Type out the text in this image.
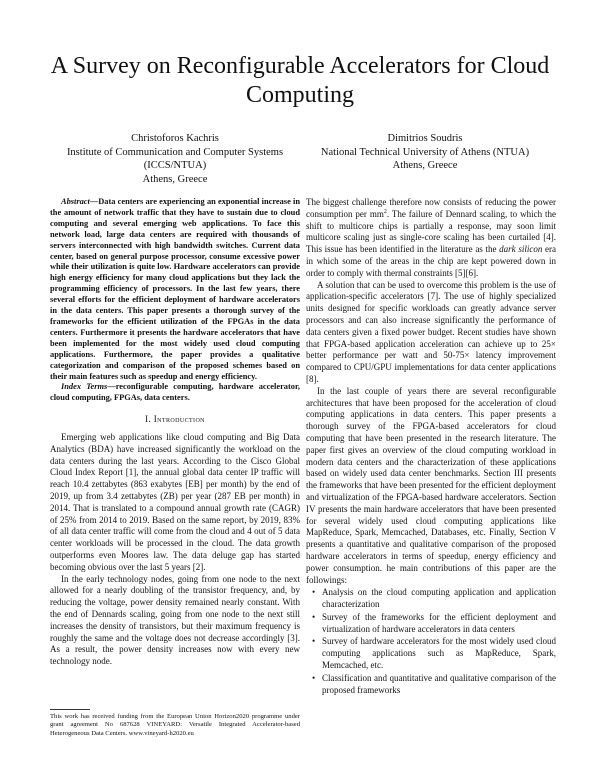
A Survey on Reconfigurable Accelerators for Cloud Computing
Christoforos Kachris
Institute of Communication and Computer Systems (ICCS/NTUA)
Athens, Greece
Dimitrios Soudris
National Technical University of Athens (NTUA)
Athens, Greece

Abstract—Data centers are experiencing an exponential increase in the amount of network traffic that they have to sustain due to cloud computing and several emerging web applications. To face this network load, large data centers are required with thousands of servers interconnected with high bandwidth switches. Current data center, based on general purpose processor, consume excessive power while their utilization is quite low. Hardware accelerators can provide high energy efficiency for many cloud applications but they lack the programming efficiency of processors. In the last few years, there several efforts for the efficient deployment of hardware accelerators in the data centers. This paper presents a thorough survey of the frameworks for the efficient utilization of the FPGAs in the data centers. Furthermore it presents the hardware accelerators that have been implemented for the most widely used cloud computing applications. Furthermore, the paper provides a qualitative categorization and comparison of the proposed schemes based on their main features such as speedup and energy efficiency.

Index Terms—reconfigurable computing, hardware accelerator, cloud computing, FPGAs, data centers.

I. Introduction

Emerging web applications like cloud computing and Big Data Analytics (BDA) have increased significantly the workload on the data centers during the last years. According to the Cisco Global Cloud Index Report [1], the annual global data center IP traffic will reach 10.4 zettabytes (863 exabytes [EB] per month) by the end of 2019, up from 3.4 zettabytes (ZB) per year (287 EB per month) in 2014. That is translated to a compound annual growth rate (CAGR) of 25% from 2014 to 2019. Based on the same report, by 2019, 83% of all data center traffic will come from the cloud and 4 out of 5 data center workloads will be processed in the cloud. The data growth outperforms even Moores law. The data deluge gap has started becoming obvious over the last 5 years [2].

In the early technology nodes, going from one node to the next allowed for a nearly doubling of the transistor frequency, and, by reducing the voltage, power density remained nearly constant. With the end of Dennards scaling, going from one node to the next still increases the density of transistors, but their maximum frequency is roughly the same and the voltage does not decrease accordingly [3]. As a result, the power density increases now with every new technology node.

This work has received funding from the European Union Horizon2020 programme under grant agreement No 687628 VINEYARD: Versatile Integrated Accelerator-based Heterogeneous Data Centers. www.vineyard-h2020.eu

The biggest challenge therefore now consists of reducing the power consumption per $mm^2$. The failure of Dennard scaling, to which the shift to multicore chips is partially a response, may soon limit multicore scaling just as single-core scaling has been curtailed [4]. This issue has been identified in the literature as the dark silicon era in which some of the areas in the chip are kept powered down in order to comply with thermal constraints [5][6].

A solution that can be used to overcome this problem is the use of application-specific accelerators [7]. The use of highly specialized units designed for specific workloads can greatly advance server processors and can also increase significantly the performance of data centers given a fixed power budget. Recent studies have shown that FPGA-based application acceleration can achieve up to 25× better performance per watt and 50-75× latency improvement compared to CPU/GPU implementations for data center applications [8].

In the last couple of years there are several reconfigurable architectures that have been proposed for the acceleration of cloud computing applications in data centers. This paper presents a thorough survey of the FPGA-based accelerators for cloud computing that have been presented in the research literature. The paper first gives an overview of the cloud computing workload in modern data centers and the characterization of these applications based on widely used data center benchmarks. Section III presents the frameworks that have been presented for the efficient deployment and virtualization of the FPGA-based hardware accelerators. Section IV presents the main hardware accelerators that have been presented for several widely used cloud computing applications like MapReduce, Spark, Memcached, Databases, etc. Finally, Section V presents a quantitative and qualitative comparison of the proposed hardware accelerators in terms of speedup, energy efficiency and power consumption. he main contributions of this paper are the followings:

• Analysis on the cloud computing application and application characterization
• Survey of the frameworks for the efficient deployment and virtualization of hardware accelerators in data centers
• Survey of hardware accelerators for the most widely used cloud computing applications such as MapReduce, Spark, Memcached, etc.
• Classification and quantitative and qualitative comparison of the proposed frameworks
